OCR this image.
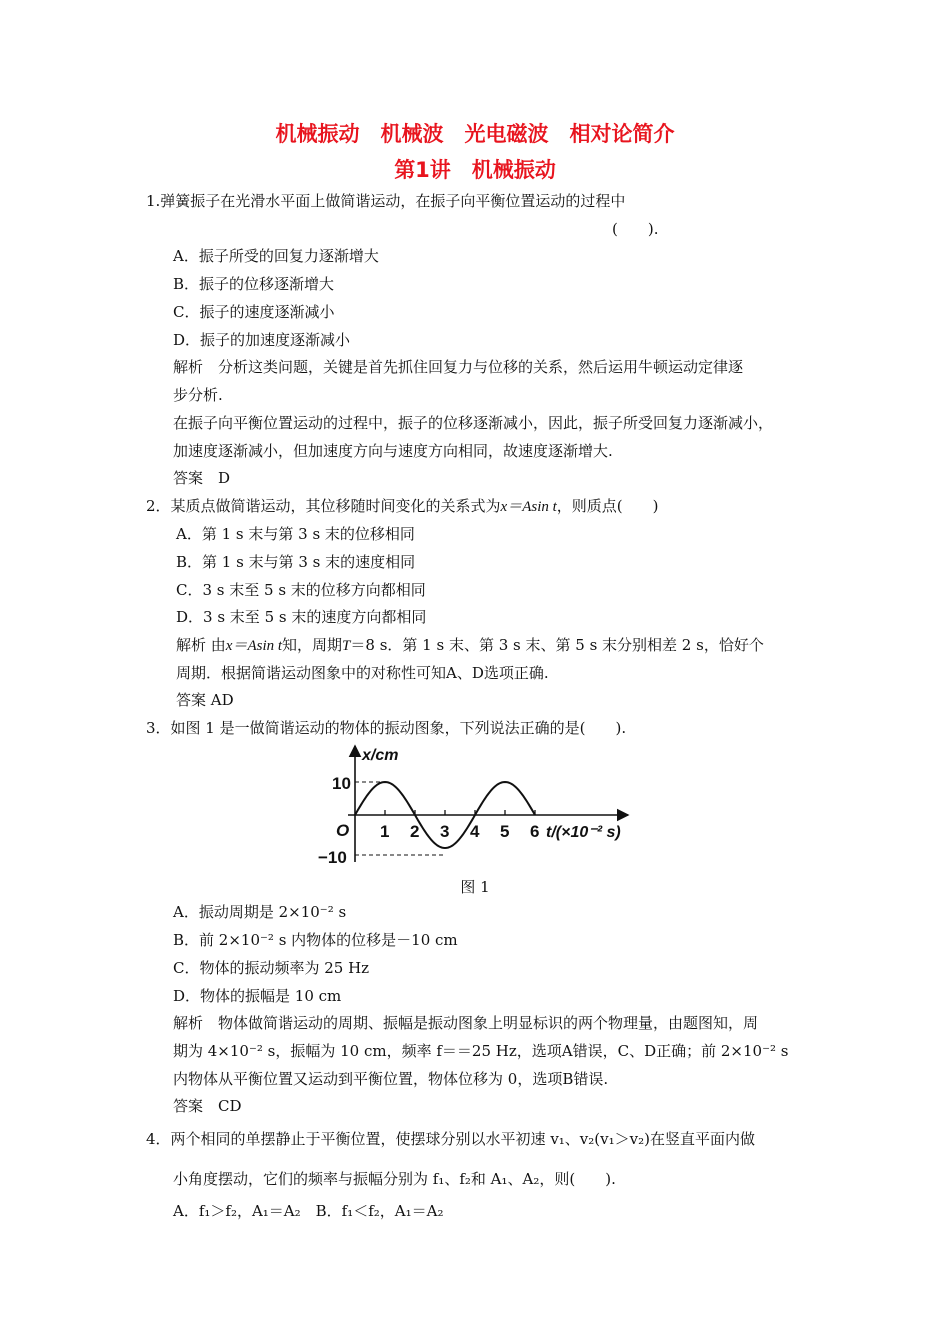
机械振动　机械波　光电磁波　相对论简介
第1讲　机械振动
1.弹簧振子在光滑水平面上做简谐运动，在振子向平衡位置运动的过程中
(　　).
A．振子所受的回复力逐渐增大
B．振子的位移逐渐增大
C．振子的速度逐渐减小
D．振子的加速度逐渐减小
解析　分析这类问题，关键是首先抓住回复力与位移的关系，然后运用牛顿运动定律逐
步分析.
在振子向平衡位置运动的过程中，振子的位移逐渐减小，因此，振子所受回复力逐渐减小，
加速度逐渐减小，但加速度方向与速度方向相同，故速度逐渐增大.
答案　D
2．某质点做简谐运动，其位移随时间变化的关系式为x＝Asin t，则质点(　　)
A．第 1 s 末与第 3 s 末的位移相同
B．第 1 s 末与第 3 s 末的速度相同
C．3 s 末至 5 s 末的位移方向都相同
D．3 s 末至 5 s 末的速度方向都相同
解析 由x＝Asin t知，周期T＝8 s．第 1 s 末、第 3 s 末、第 5 s 末分别相差 2 s，恰好个
周期．根据简谐运动图象中的对称性可知A、D选项正确.
答案 AD
3．如图 1 是一做简谐运动的物体的振动图象，下列说法正确的是(　　).
x/cm
O
10
−10
1 2 3 4 5 6 t/(×10⁻² s)
图 1
A．振动周期是 2×10⁻² s
B．前 2×10⁻² s 内物体的位移是－10 cm
C．物体的振动频率为 25 Hz
D．物体的振幅是 10 cm
解析　物体做简谐运动的周期、振幅是振动图象上明显标识的两个物理量，由题图知，周
期为 4×10⁻² s，振幅为 10 cm，频率 f＝＝25 Hz，选项A错误，C、D正确；前 2×10⁻² s
内物体从平衡位置又运动到平衡位置，物体位移为 0，选项B错误.
答案　CD
4．两个相同的单摆静止于平衡位置，使摆球分别以水平初速 v₁、v₂(v₁＞v₂)在竖直平面内做
小角度摆动，它们的频率与振幅分别为 f₁、f₂和 A₁、A₂，则(　　).
A．f₁＞f₂，A₁＝A₂　B．f₁＜f₂，A₁＝A₂
